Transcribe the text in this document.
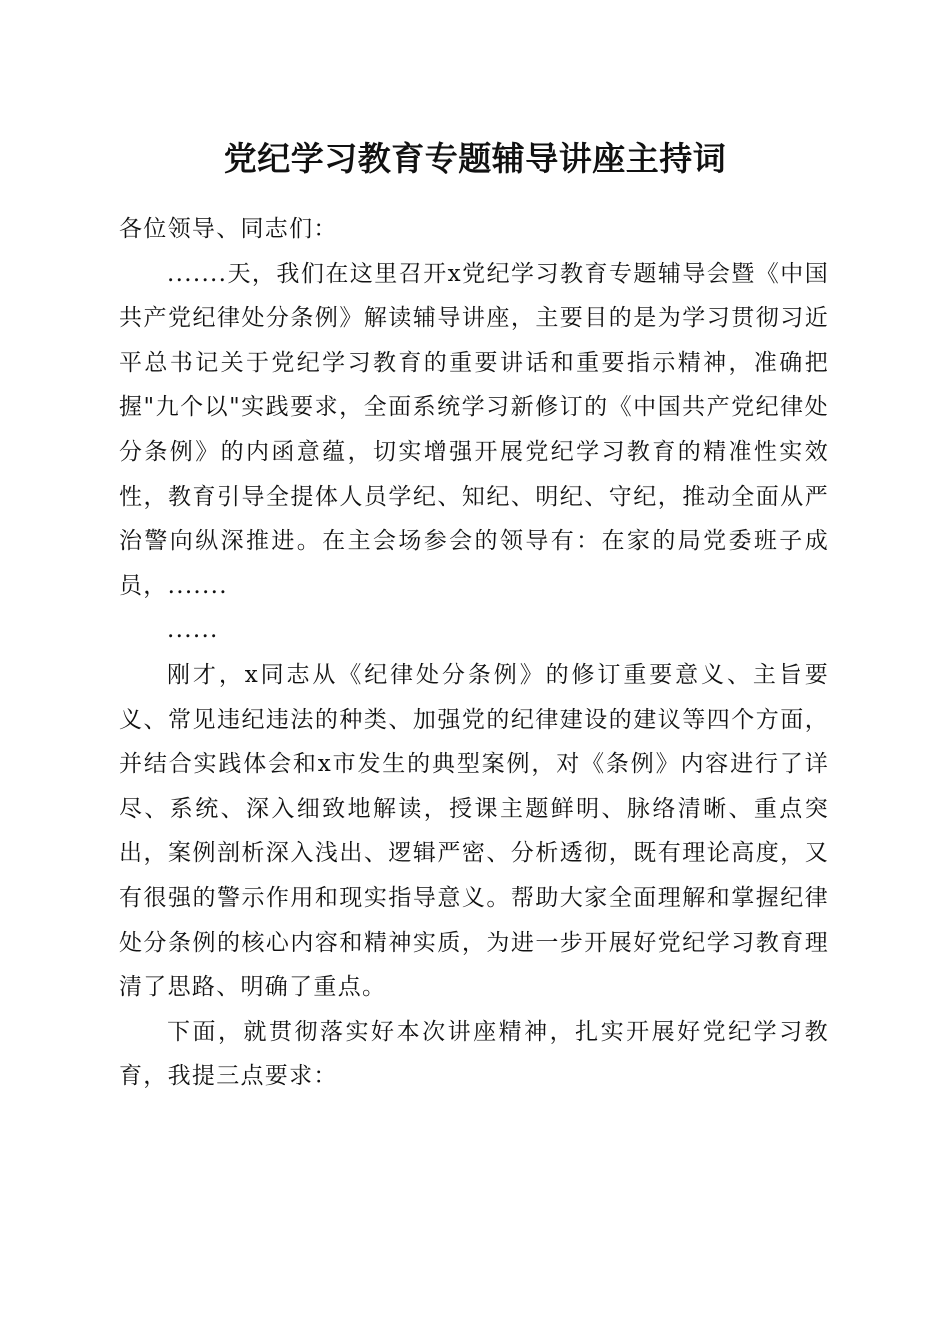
党纪学习教育专题辅导讲座主持词

各位领导、同志们：

.......天，我们在这里召开x党纪学习教育专题辅导会暨《中国共产党纪律处分条例》解读辅导讲座，主要目的是为学习贯彻习近平总书记关于党纪学习教育的重要讲话和重要指示精神，准确把握"九个以"实践要求，全面系统学习新修订的《中国共产党纪律处分条例》的内函意蕴，切实增强开展党纪学习教育的精准性实效性，教育引导全提体人员学纪、知纪、明纪、守纪，推动全面从严治警向纵深推进。在主会场参会的领导有：在家的局党委班子成员，.......

......

刚才，x同志从《纪律处分条例》的修订重要意义、主旨要义、常见违纪违法的种类、加强党的纪律建设的建议等四个方面，并结合实践体会和x市发生的典型案例，对《条例》内容进行了详尽、系统、深入细致地解读，授课主题鲜明、脉络清晰、重点突出，案例剖析深入浅出、逻辑严密、分析透彻，既有理论高度，又有很强的警示作用和现实指导意义。帮助大家全面理解和掌握纪律处分条例的核心内容和精神实质，为进一步开展好党纪学习教育理清了思路、明确了重点。

下面，就贯彻落实好本次讲座精神，扎实开展好党纪学习教育，我提三点要求：
